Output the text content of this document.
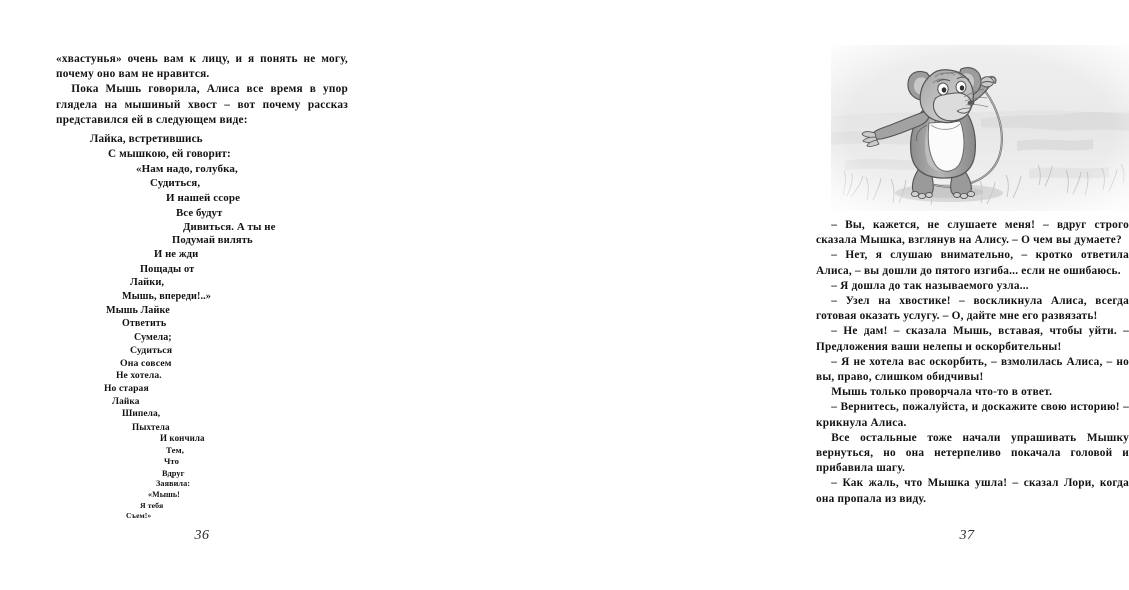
«хвастунья» очень вам к лицу, и я понять не могу, почему оно вам не нравится.

Пока Мышь говорила, Алиса все время в упор глядела на мышиный хвост – вот почему рассказ представился ей в следующем виде:

Лайка, встретившись
С мышкою, ей говорит:
«Нам надо, голубка,
Судиться,
И нашей ссоре
Все будут
Дивиться. А ты не
Подумай вилять
И не жди
Пощады от
Лайки,
Мышь, впереди!..»
Мышь Лайке
Ответить
Сумела;
Судиться
Она совсем
Не хотела.
Но старая
Лайка
Шипела,
Пыхтела
И кончила
Тем,
Что
Вдруг
Заявила:
«Мышь!
Я тебя
Съем!»
36

– Вы, кажется, не слушаете меня! – вдруг строго сказала Мышка, взглянув на Алису. – О чем вы думаете?

– Нет, я слушаю внимательно, – кротко ответила Алиса, – вы дошли до пятого изгиба... если не ошибаюсь.

– Я дошла до так называемого узла...

– Узел на хвостике! – воскликнула Алиса, всегда готовая оказать услугу. – О, дайте мне его развязать!

– Не дам! – сказала Мышь, вставая, чтобы уйти. – Предложения ваши нелепы и оскорбительны!

– Я не хотела вас оскорбить, – взмолилась Алиса, – но вы, право, слишком обидчивы!

Мышь только проворчала что-то в ответ.

– Вернитесь, пожалуйста, и доскажите свою историю! – крикнула Алиса.

Все остальные тоже начали упрашивать Мышку вернуться, но она нетерпеливо покачала головой и прибавила шагу.

– Как жаль, что Мышка ушла! – сказал Лори, когда она пропала из виду.

37
